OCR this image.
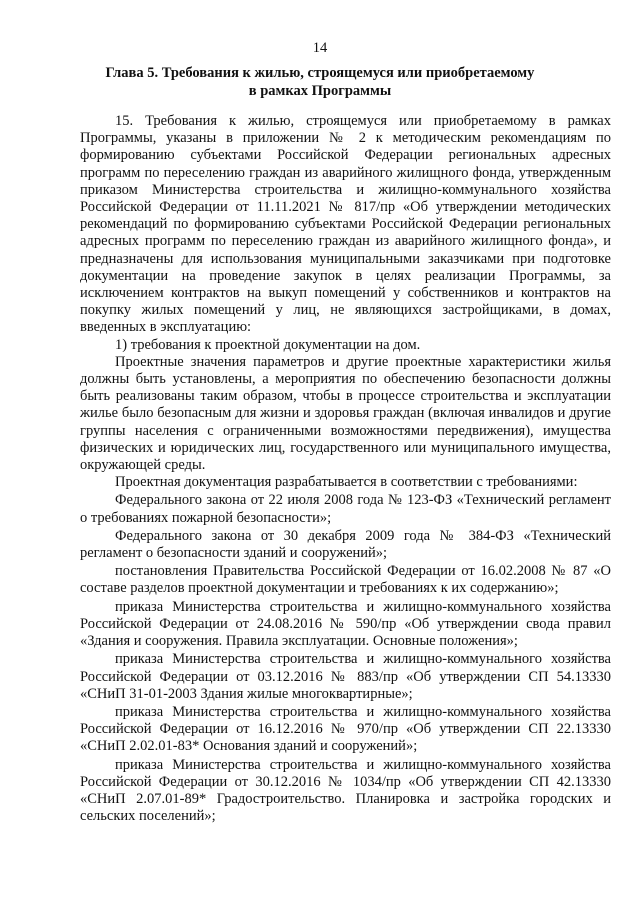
14
Глава 5. Требования к жилью, строящемуся или приобретаемому
в рамках Программы

15. Требования к жилью, строящемуся или приобретаемому в рамках Программы, указаны в приложении № 2 к методическим рекомендациям по формированию субъектами Российской Федерации региональных адресных программ по переселению граждан из аварийного жилищного фонда, утвержденным приказом Министерства строительства и жилищно-коммунального хозяйства Российской Федерации от 11.11.2021 № 817/пр «Об утверждении методических рекомендаций по формированию субъектами Российской Федерации региональных адресных программ по переселению граждан из аварийного жилищного фонда», и предназначены для использования муниципальными заказчиками при подготовке документации на проведение закупок в целях реализации Программы, за исключением контрактов на выкуп помещений у собственников и контрактов на покупку жилых помещений у лиц, не являющихся застройщиками, в домах, введенных в эксплуатацию:

1) требования к проектной документации на дом.

Проектные значения параметров и другие проектные характеристики жилья должны быть установлены, а мероприятия по обеспечению безопасности должны быть реализованы таким образом, чтобы в процессе строительства и эксплуатации жилье было безопасным для жизни и здоровья граждан (включая инвалидов и другие группы населения с ограниченными возможностями передвижения), имущества физических и юридических лиц, государственного или муниципального имущества, окружающей среды.

Проектная документация разрабатывается в соответствии с требованиями:

Федерального закона от 22 июля 2008 года № 123-ФЗ «Технический регламент о требованиях пожарной безопасности»;

Федерального закона от 30 декабря 2009 года № 384-ФЗ «Технический регламент о безопасности зданий и сооружений»;

постановления Правительства Российской Федерации от 16.02.2008 № 87 «О составе разделов проектной документации и требованиях к их содержанию»;

приказа Министерства строительства и жилищно-коммунального хозяйства Российской Федерации от 24.08.2016 № 590/пр «Об утверждении свода правил «Здания и сооружения. Правила эксплуатации. Основные положения»;

приказа Министерства строительства и жилищно-коммунального хозяйства Российской Федерации от 03.12.2016 № 883/пр «Об утверждении СП 54.13330 «СНиП 31-01-2003 Здания жилые многоквартирные»;

приказа Министерства строительства и жилищно-коммунального хозяйства Российской Федерации от 16.12.2016 № 970/пр «Об утверждении СП 22.13330 «СНиП 2.02.01-83* Основания зданий и сооружений»;

приказа Министерства строительства и жилищно-коммунального хозяйства Российской Федерации от 30.12.2016 № 1034/пр «Об утверждении СП 42.13330 «СНиП 2.07.01-89* Градостроительство. Планировка и застройка городских и сельских поселений»;
